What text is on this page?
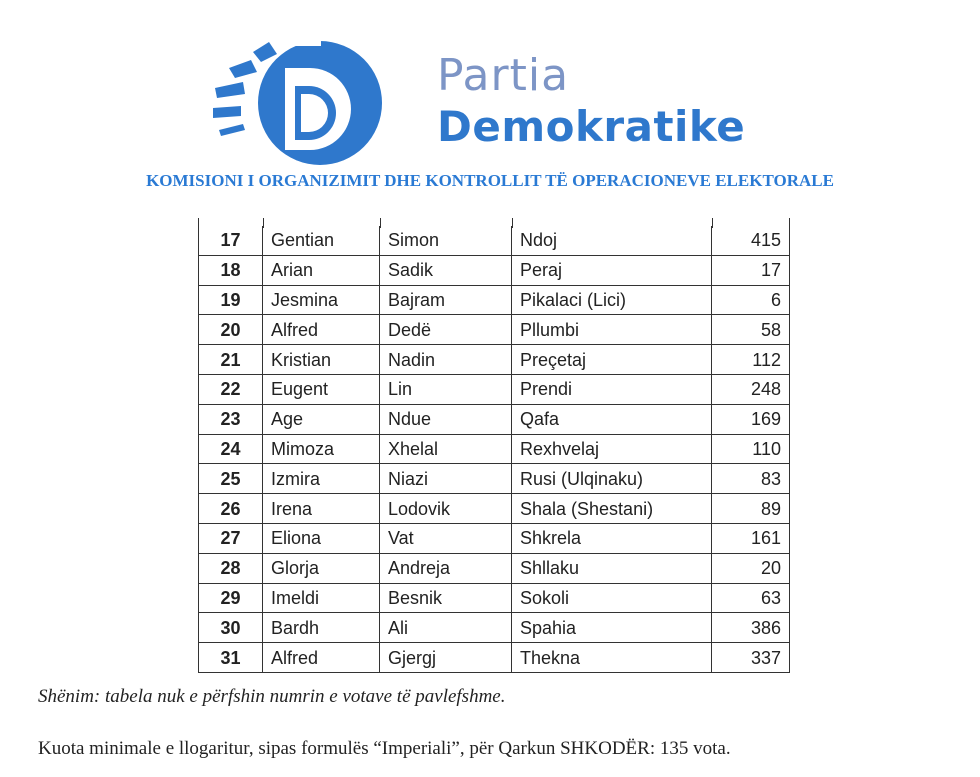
Partia
Demokratike
KOMISIONI I ORGANIZIMIT DHE KONTROLLIT TË OPERACIONEVE ELEKTORALE
17	Gentian	Simon	Ndoj	415
18	Arian	Sadik	Peraj	17
19	Jesmina	Bajram	Pikalaci (Lici)	6
20	Alfred	Dedë	Pllumbi	58
21	Kristian	Nadin	Preçetaj	112
22	Eugent	Lin	Prendi	248
23	Age	Ndue	Qafa	169
24	Mimoza	Xhelal	Rexhvelaj	110
25	Izmira	Niazi	Rusi (Ulqinaku)	83
26	Irena	Lodovik	Shala (Shestani)	89
27	Eliona	Vat	Shkrela	161
28	Glorja	Andreja	Shllaku	20
29	Imeldi	Besnik	Sokoli	63
30	Bardh	Ali	Spahia	386
31	Alfred	Gjergj	Thekna	337
Shënim: tabela nuk e përfshin numrin e votave të pavlefshme.
Kuota minimale e llogaritur, sipas formulës “Imperiali”, për Qarkun SHKODËR: 135 vota.
